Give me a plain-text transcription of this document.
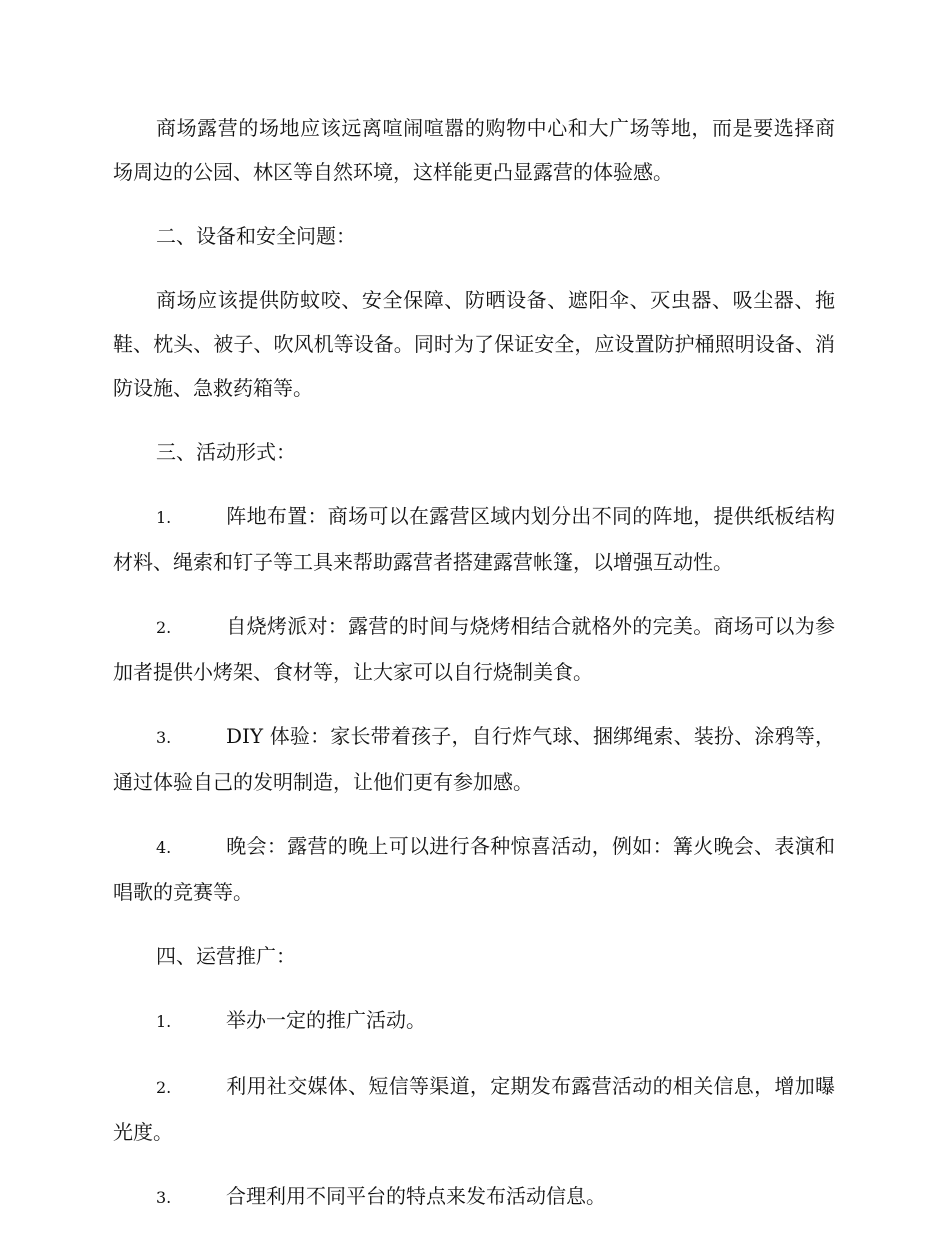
商场露营的场地应该远离喧闹喧嚣的购物中心和大广场等地，而是要选择商场周边的公园、林区等自然环境，这样能更凸显露营的体验感。

二、设备和安全问题：

商场应该提供防蚊咬、安全保障、防晒设备、遮阳伞、灭虫器、吸尘器、拖鞋、枕头、被子、吹风机等设备。同时为了保证安全，应设置防护桶照明设备、消防设施、急救药箱等。

三、活动形式：

1.	阵地布置：商场可以在露营区域内划分出不同的阵地，提供纸板结构材料、绳索和钉子等工具来帮助露营者搭建露营帐篷，以增强互动性。

2.	自烧烤派对：露营的时间与烧烤相结合就格外的完美。商场可以为参加者提供小烤架、食材等，让大家可以自行烧制美食。

3.	DIY 体验：家长带着孩子，自行炸气球、捆绑绳索、装扮、涂鸦等，通过体验自己的发明制造，让他们更有参加感。

4.	晚会：露营的晚上可以进行各种惊喜活动，例如：篝火晚会、表演和唱歌的竞赛等。

四、运营推广：

1.	举办一定的推广活动。

2.	利用社交媒体、短信等渠道，定期发布露营活动的相关信息，增加曝光度。

3.	合理利用不同平台的特点来发布活动信息。
